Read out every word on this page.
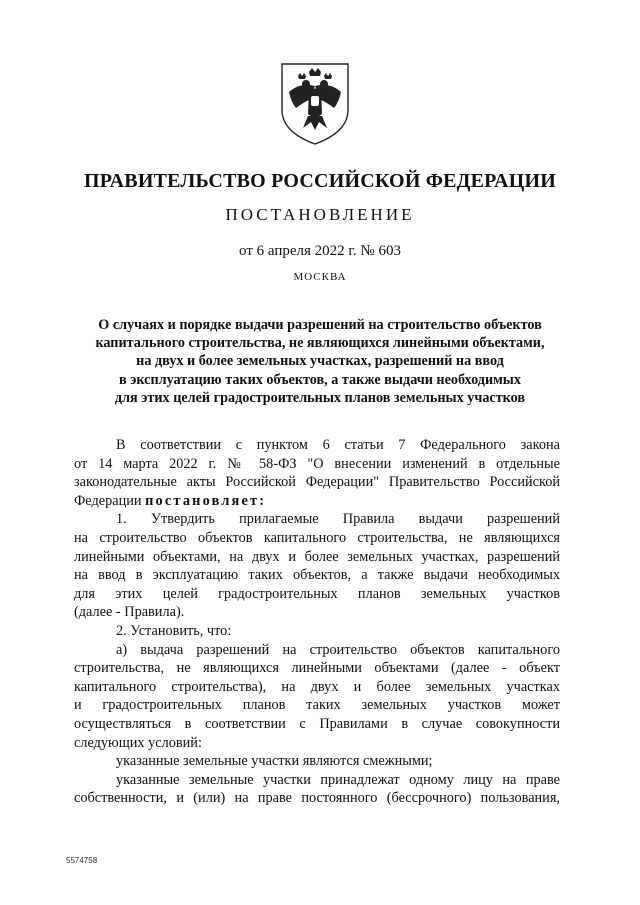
ПРАВИТЕЛЬСТВО РОССИЙСКОЙ ФЕДЕРАЦИИ
ПОСТАНОВЛЕНИЕ
от 6 апреля 2022 г. № 603
МОСКВА
О случаях и порядке выдачи разрешений на строительство объектов
капитального строительства, не являющихся линейными объектами,
на двух и более земельных участках, разрешений на ввод
в эксплуатацию таких объектов, а также выдачи необходимых
для этих целей градостроительных планов земельных участков
В соответствии с пунктом 6 статьи 7 Федерального закона
от 14 марта 2022 г. № 58-ФЗ "О внесении изменений в отдельные
законодательные акты Российской Федерации" Правительство Российской
Федерации постановляет:
1. Утвердить прилагаемые Правила выдачи разрешений
на строительство объектов капитального строительства, не являющихся
линейными объектами, на двух и более земельных участках, разрешений
на ввод в эксплуатацию таких объектов, а также выдачи необходимых
для этих целей градостроительных планов земельных участков
(далее - Правила).
2. Установить, что:
а) выдача разрешений на строительство объектов капитального
строительства, не являющихся линейными объектами (далее - объект
капитального строительства), на двух и более земельных участках
и градостроительных планов таких земельных участков может
осуществляться в соответствии с Правилами в случае совокупности
следующих условий:
указанные земельные участки являются смежными;
указанные земельные участки принадлежат одному лицу на праве
собственности, и (или) на праве постоянного (бессрочного) пользования,
5574758
